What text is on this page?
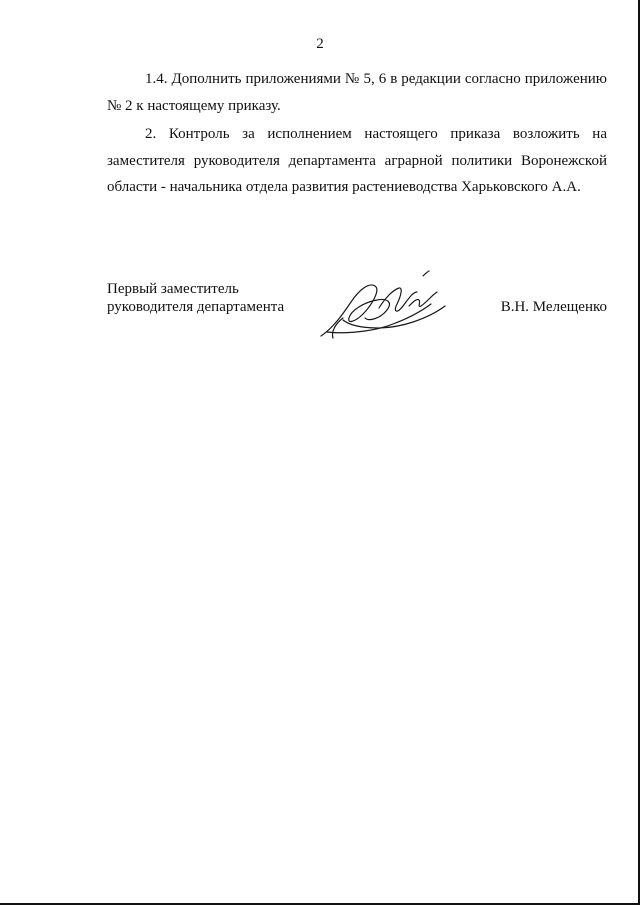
2

1.4. Дополнить приложениями № 5, 6 в редакции согласно приложению № 2 к настоящему приказу.

2. Контроль за исполнением настоящего приказа возложить на заместителя руководителя департамента аграрной политики Воронежской области - начальника отдела развития растениеводства Харьковского А.А.

Первый заместитель
руководителя департамента	В.Н. Мелещенко
